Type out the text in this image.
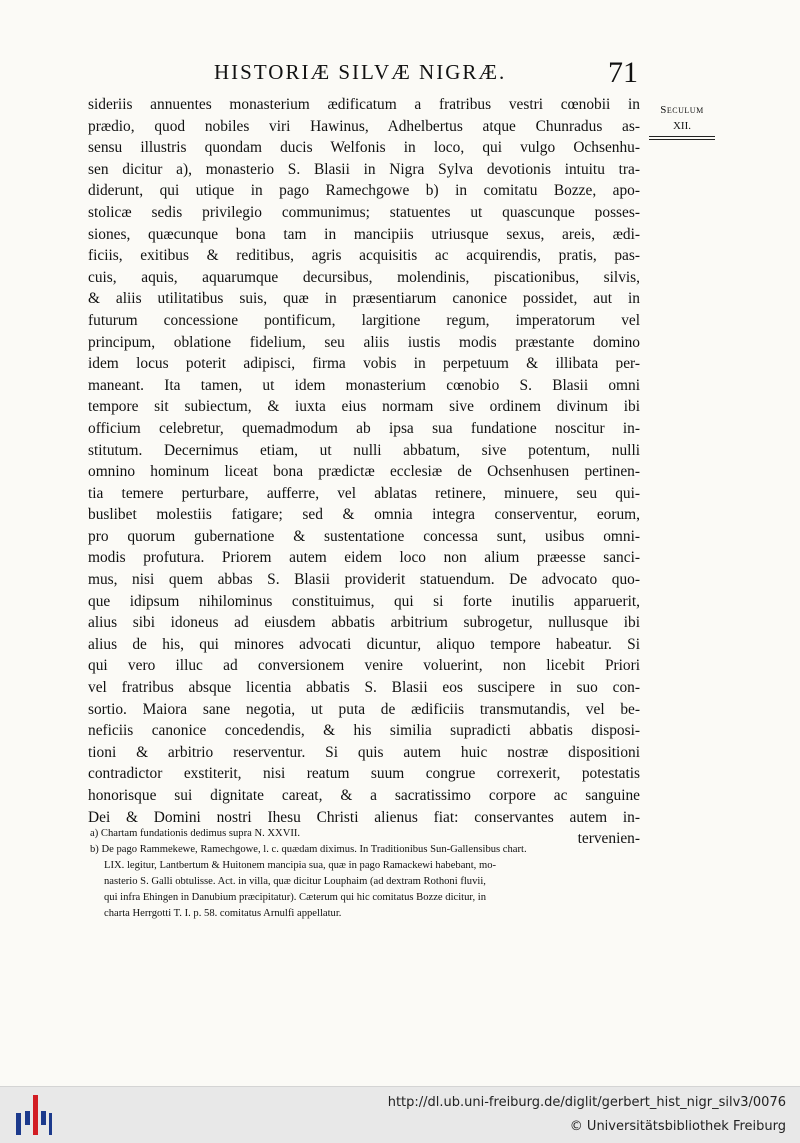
HISTORIÆ SILVÆ NIGRÆ.	71
Seculum
XII.
sideriis annuentes monasterium ædificatum a fratribus vestri cœnobii in
prædio, quod nobiles viri Hawinus, Adhelbertus atque Chunradus as-
sensu illustris quondam ducis Welfonis in loco, qui vulgo Ochsenhu-
sen dicitur a), monasterio S. Blasii in Nigra Sylva devotionis intuitu tra-
diderunt, qui utique in pago Ramechgowe b) in comitatu Bozze, apo-
stolicæ sedis privilegio communimus; statuentes ut quascunque posses-
siones, quæcunque bona tam in mancipiis utriusque sexus, areis, ædi-
ficiis, exitibus & reditibus, agris acquisitis ac acquirendis, pratis, pas-
cuis, aquis, aquarumque decursibus, molendinis, piscationibus, silvis,
& aliis utilitatibus suis, quæ in præsentiarum canonice possidet, aut in
futurum concessione pontificum, largitione regum, imperatorum vel
principum, oblatione fidelium, seu aliis iustis modis præstante domino
idem locus poterit adipisci, firma vobis in perpetuum & illibata per-
maneant. Ita tamen, ut idem monasterium cœnobio S. Blasii omni
tempore sit subiectum, & iuxta eius normam sive ordinem divinum ibi
officium celebretur, quemadmodum ab ipsa sua fundatione noscitur in-
stitutum. Decernimus etiam, ut nulli abbatum, sive potentum, nulli
omnino hominum liceat bona prædictæ ecclesiæ de Ochsenhusen pertinen-
tia temere perturbare, aufferre, vel ablatas retinere, minuere, seu qui-
buslibet molestiis fatigare; sed & omnia integra conserventur, eorum,
pro quorum gubernatione & sustentatione concessa sunt, usibus omni-
modis profutura. Priorem autem eidem loco non alium præesse sanci-
mus, nisi quem abbas S. Blasii providerit statuendum. De advocato quo-
que idipsum nihilominus constituimus, qui si forte inutilis apparuerit,
alius sibi idoneus ad eiusdem abbatis arbitrium subrogetur, nullusque ibi
alius de his, qui minores advocati dicuntur, aliquo tempore habeatur. Si
qui vero illuc ad conversionem venire voluerint, non licebit Priori
vel fratribus absque licentia abbatis S. Blasii eos suscipere in suo con-
sortio. Maiora sane negotia, ut puta de ædificiis transmutandis, vel be-
neficiis canonice concedendis, & his similia supradicti abbatis disposi-
tioni & arbitrio reserventur. Si quis autem huic nostræ dispositioni
contradictor exstiterit, nisi reatum suum congrue correxerit, potestatis
honorisque sui dignitate careat, & a sacratissimo corpore ac sanguine
Dei & Domini nostri Ihesu Christi alienus fiat: conservantes autem in-
tervenien-
a) Chartam fundationis dedimus supra N. XXVII.
b) De pago Rammekewe, Ramechgowe, l. c. quædam diximus. In Traditionibus Sun-Gallensibus chart.
LIX. legitur, Lantbertum & Huitonem mancipia sua, quæ in pago Ramackewi habebant, mo-
nasterio S. Galli obtulisse. Act. in villa, quæ dicitur Louphaim (ad dextram Rothoni fluvii,
qui infra Ehingen in Danubium præcipitatur). Cæterum qui hic comitatus Bozze dicitur, in
charta Herrgotti T. I. p. 58. comitatus Arnulfi appellatur.
http://dl.ub.uni-freiburg.de/diglit/gerbert_hist_nigr_silv3/0076
© Universitätsbibliothek Freiburg
